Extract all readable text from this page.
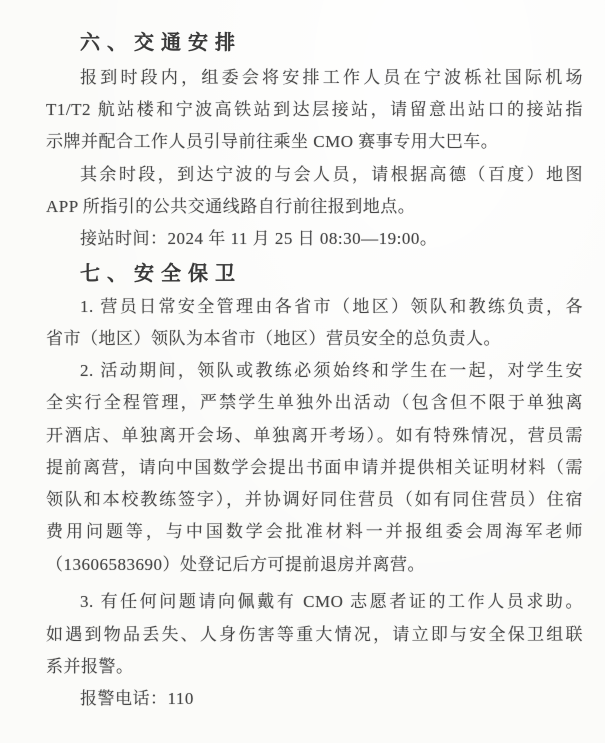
六、交通安排
报到时段内，组委会将安排工作人员在宁波栎社国际机场
T1/T2 航站楼和宁波高铁站到达层接站，请留意出站口的接站指
示牌并配合工作人员引导前往乘坐 CMO 赛事专用大巴车。
其余时段，到达宁波的与会人员，请根据高德（百度）地图
APP 所指引的公共交通线路自行前往报到地点。
接站时间：2024 年 11 月 25 日 08:30—19:00。
七、安全保卫
1. 营员日常安全管理由各省市（地区）领队和教练负责，各
省市（地区）领队为本省市（地区）营员安全的总负责人。
2. 活动期间，领队或教练必须始终和学生在一起，对学生安
全实行全程管理，严禁学生单独外出活动（包含但不限于单独离
开酒店、单独离开会场、单独离开考场）。如有特殊情况，营员需
提前离营，请向中国数学会提出书面申请并提供相关证明材料（需
领队和本校教练签字），并协调好同住营员（如有同住营员）住宿
费用问题等，与中国数学会批准材料一并报组委会周海军老师
（13606583690）处登记后方可提前退房并离营。
3. 有任何问题请向佩戴有 CMO 志愿者证的工作人员求助。
如遇到物品丢失、人身伤害等重大情况，请立即与安全保卫组联
系并报警。
报警电话：110
